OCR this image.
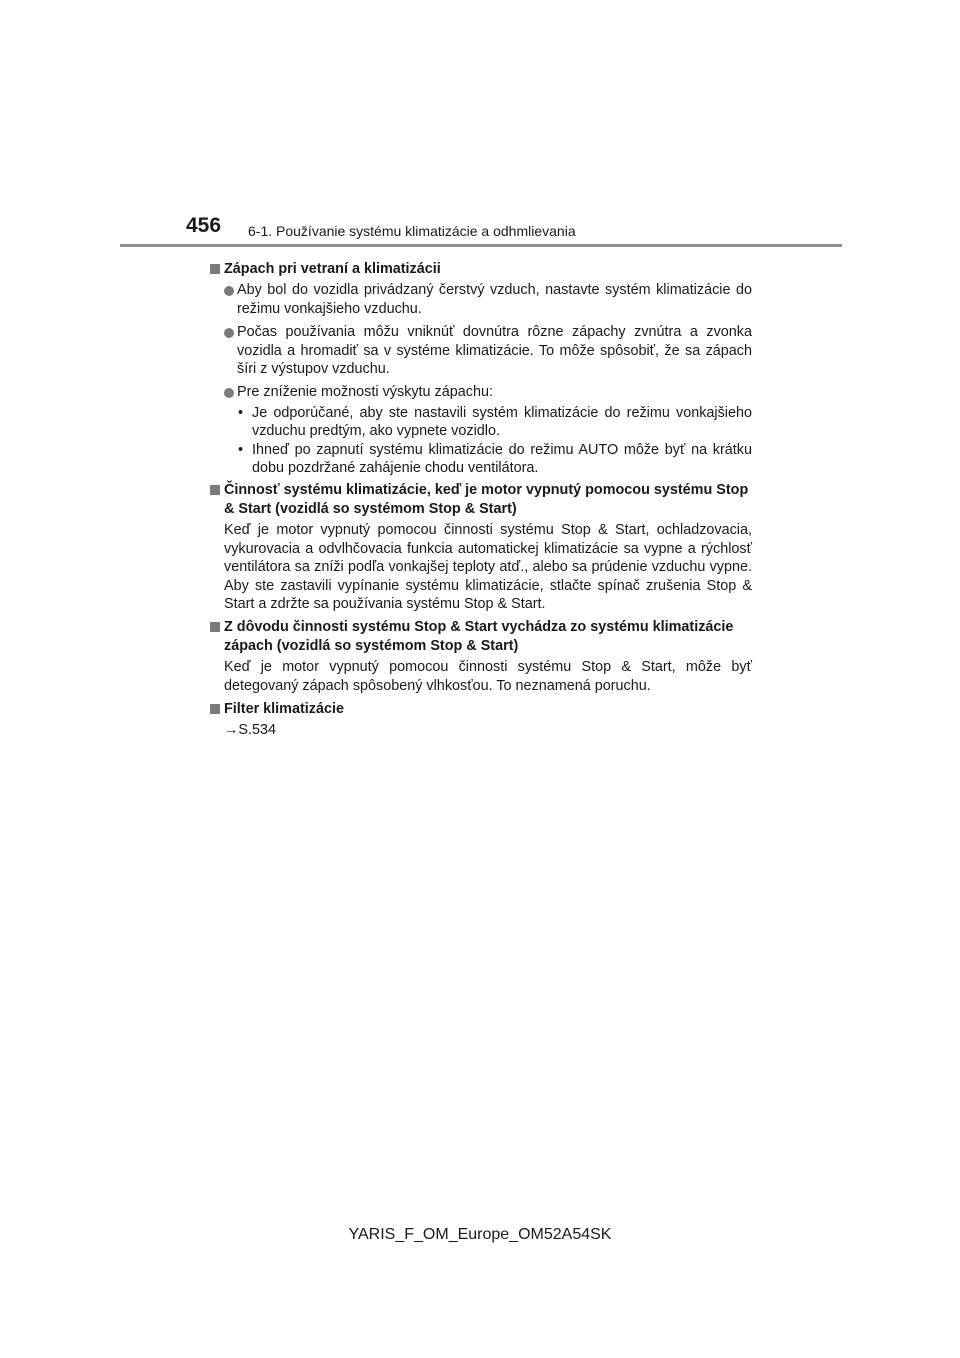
456 6-1. Používanie systému klimatizácie a odhmlievania
Zápach pri vetraní a klimatizácii
Aby bol do vozidla privádzaný čerstvý vzduch, nastavte systém klimatizácie do režimu vonkajšieho vzduchu.
Počas používania môžu vniknúť dovnútra rôzne zápachy zvnútra a zvonka vozidla a hromadiť sa v systéme klimatizácie. To môže spôsobiť, že sa zápach šíri z výstupov vzduchu.
Pre zníženie možnosti výskytu zápachu:
• Je odporúčané, aby ste nastavili systém klimatizácie do režimu vonkajšieho vzduchu predtým, ako vypnete vozidlo.
• Ihneď po zapnutí systému klimatizácie do režimu AUTO môže byť na krátku dobu pozdržané zahájenie chodu ventilátora.
Činnosť systému klimatizácie, keď je motor vypnutý pomocou systému Stop & Start (vozidlá so systémom Stop & Start)
Keď je motor vypnutý pomocou činnosti systému Stop & Start, ochladzovacia, vykurovacia a odvlhčovacia funkcia automatickej klimatizácie sa vypne a rýchlosť ventilátora sa zníži podľa vonkajšej teploty atď., alebo sa prúdenie vzduchu vypne. Aby ste zastavili vypínanie systému klimatizácie, stlačte spínač zrušenia Stop & Start a zdržte sa používania systému Stop & Start.
Z dôvodu činnosti systému Stop & Start vychádza zo systému klimatizácie zápach (vozidlá so systémom Stop & Start)
Keď je motor vypnutý pomocou činnosti systému Stop & Start, môže byť detegovaný zápach spôsobený vlhkosťou. To neznamená poruchu.
Filter klimatizácie
→S.534
YARIS_F_OM_Europe_OM52A54SK
